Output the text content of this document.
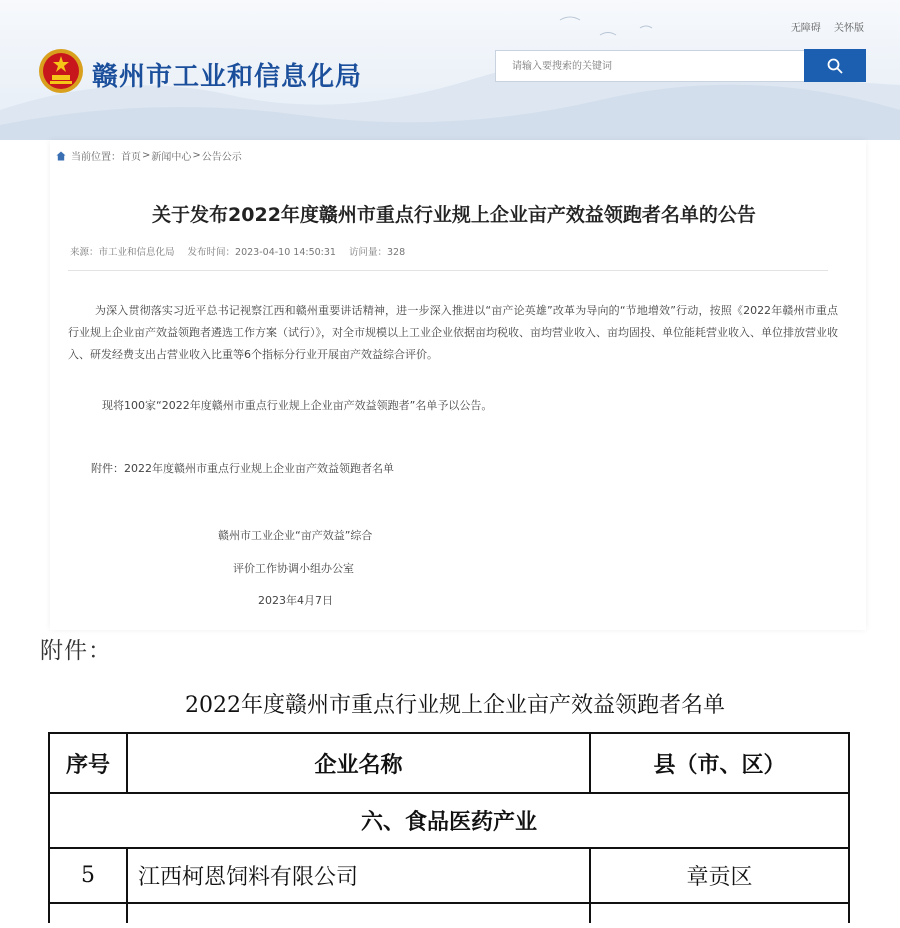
无障碍 关怀版
赣州市工业和信息化局
请输入要搜索的关键词
当前位置： 首页 > 新闻中心 > 公告公示
关于发布2022年度赣州市重点行业规上企业亩产效益领跑者名单的公告
来源：市工业和信息化局 发布时间：2023-04-10 14:50:31 访问量：328

为深入贯彻落实习近平总书记视察江西和赣州重要讲话精神，进一步深入推进以“亩产论英雄”改革为导向的“节地增效”行动，按照《2022年赣州市重点行业规上企业亩产效益领跑者遴选工作方案（试行）》，对全市规模以上工业企业依据亩均税收、亩均营业收入、亩均固投、单位能耗营业收入、单位排放营业收入、研发经费支出占营业收入比重等6个指标分行业开展亩产效益综合评价。

现将100家“2022年度赣州市重点行业规上企业亩产效益领跑者”名单予以公告。

附件：2022年度赣州市重点行业规上企业亩产效益领跑者名单
赣州市工业企业“亩产效益”综合
评价工作协调小组办公室
2023年4月7日
附件：
2022年度赣州市重点行业规上企业亩产效益领跑者名单
序号	企业名称	县（市、区）
六、食品医药产业		
5	江西柯恩饲料有限公司	章贡区
